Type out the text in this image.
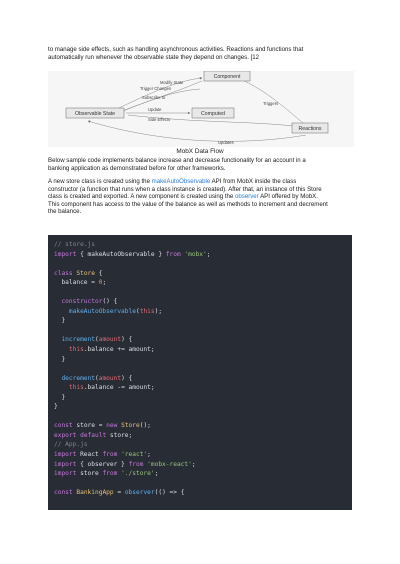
to manage side effects, such as handling asynchronous activities. Reactions and functions that
automatically run whenever the observable state they depend on changes. [12
Component
Observable State	Computed
Reactions
Modify State
Trigger Changes
Subscribe to
Update
Triggers
Side Effects
Updates
MobX Data Flow
Below sample code implements balance increase and decrease functionality for an account in a
banking application as demonstrated before for other frameworks.
A new store class is created using the makeAutoObservable API from MobX inside the class
constructor (a function that runs when a class instance is created). After that, an instance of this Store
class is created and exported. A new component is created using the observer API offered by MobX.
This component has access to the value of the balance as well as methods to increment and decrement
the balance.
// store.js
import { makeAutoObservable } from 'mobx';

class Store {
balance = 0;

constructor() {
makeAutoObservable(this);
}

increment(amount) {
this.balance += amount;
}

decrement(amount) {
this.balance -= amount;
}
}

const store = new Store();
export default store;
// App.js
import React from 'react';
import { observer } from 'mobx-react';
import store from './store';

const BankingApp = observer(() => {
